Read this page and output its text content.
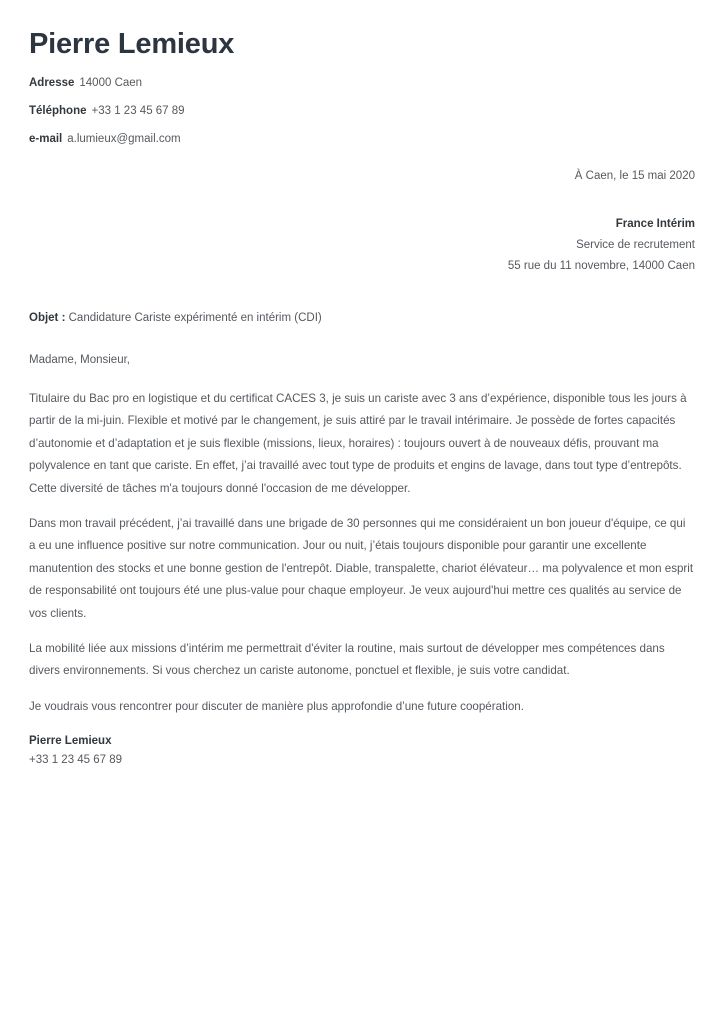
Pierre Lemieux
Adresse 14000 Caen
Téléphone +33 1 23 45 67 89
e-mail a.lumieux@gmail.com
À Caen, le 15 mai 2020
France Intérim
Service de recrutement
55 rue du 11 novembre, 14000 Caen
Objet : Candidature Cariste expérimenté en intérim (CDI)
Madame, Monsieur,

Titulaire du Bac pro en logistique et du certificat CACES 3, je suis un cariste avec 3 ans d’expérience, disponible tous les jours à partir de la mi-juin. Flexible et motivé par le changement, je suis attiré par le travail intérimaire. Je possède de fortes capacités d’autonomie et d’adaptation et je suis flexible (missions, lieux, horaires) : toujours ouvert à de nouveaux défis, prouvant ma polyvalence en tant que cariste. En effet, j’ai travaillé avec tout type de produits et engins de lavage, dans tout type d’entrepôts. Cette diversité de tâches m'a toujours donné l'occasion de me développer.

Dans mon travail précédent, j’ai travaillé dans une brigade de 30 personnes qui me considéraient un bon joueur d'équipe, ce qui a eu une influence positive sur notre communication. Jour ou nuit, j’étais toujours disponible pour garantir une excellente manutention des stocks et une bonne gestion de l'entrepôt. Diable, transpalette, chariot élévateur… ma polyvalence et mon esprit de responsabilité ont toujours été une plus-value pour chaque employeur. Je veux aujourd'hui mettre ces qualités au service de vos clients.

La mobilité liée aux missions d’intérim me permettrait d'éviter la routine, mais surtout de développer mes compétences dans divers environnements. Si vous cherchez un cariste autonome, ponctuel et flexible, je suis votre candidat.

Je voudrais vous rencontrer pour discuter de manière plus approfondie d’une future coopération.

Pierre Lemieux
+33 1 23 45 67 89
